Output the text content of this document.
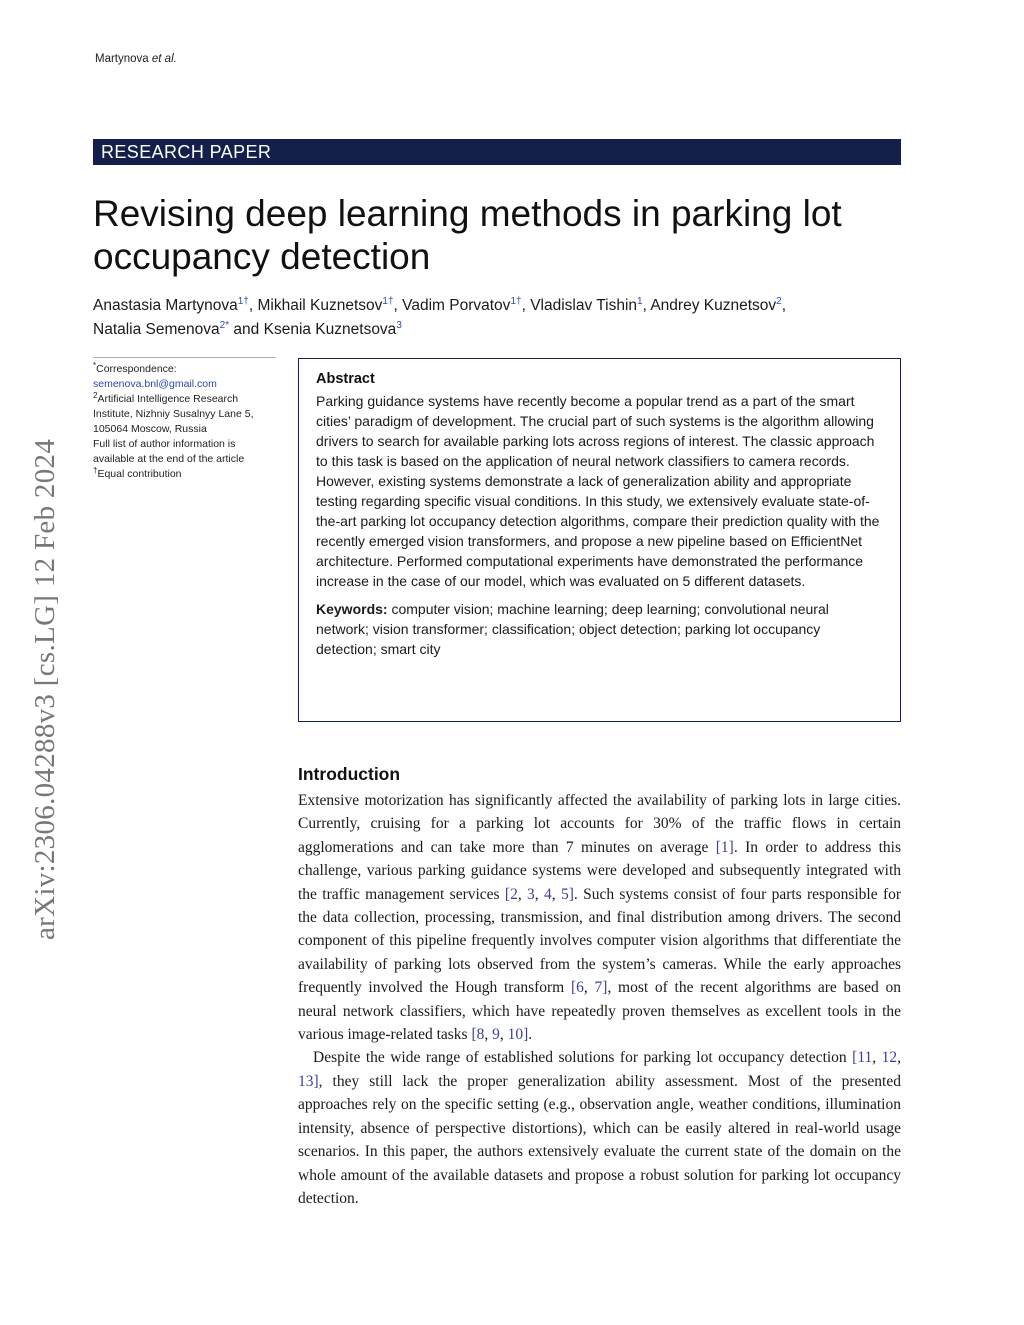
Martynova et al.
RESEARCH PAPER
Revising deep learning methods in parking lot
occupancy detection
Anastasia Martynova$^{1\dagger}$, Mikhail Kuznetsov$^{1\dagger}$, Vadim Porvatov$^{1\dagger}$, Vladislav Tishin$^1$, Andrey Kuznetsov$^2$,
Natalia Semenova$^{2*}$ and Ksenia Kuznetsova$^3$
*Correspondence:
semenova.bnl@gmail.com
$^2$Artificial Intelligence Research Institute, Nizhniy Susalnyy Lane 5, 105064 Moscow, Russia
Full list of author information is available at the end of the article
†Equal contribution
arXiv:2306.04288v3 [cs.LG] 12 Feb 2024
Abstract

Parking guidance systems have recently become a popular trend as a part of the smart cities’ paradigm of development. The crucial part of such systems is the algorithm allowing drivers to search for available parking lots across regions of interest. The classic approach to this task is based on the application of neural network classifiers to camera records. However, existing systems demonstrate a lack of generalization ability and appropriate testing regarding specific visual conditions. In this study, we extensively evaluate state-of-the-art parking lot occupancy detection algorithms, compare their prediction quality with the recently emerged vision transformers, and propose a new pipeline based on EfficientNet architecture. Performed computational experiments have demonstrated the performance increase in the case of our model, which was evaluated on 5 different datasets.

Keywords: computer vision; machine learning; deep learning; convolutional neural network; vision transformer; classification; object detection; parking lot occupancy detection; smart city

Introduction

Extensive motorization has significantly affected the availability of parking lots in large cities. Currently, cruising for a parking lot accounts for 30% of the traffic flows in certain agglomerations and can take more than 7 minutes on average [1]. In order to address this challenge, various parking guidance systems were developed and subsequently integrated with the traffic management services [2, 3, 4, 5]. Such systems consist of four parts responsible for the data collection, processing, transmission, and final distribution among drivers. The second component of this pipeline frequently involves computer vision algorithms that differentiate the availability of parking lots observed from the system’s cameras. While the early approaches frequently involved the Hough transform [6, 7], most of the recent algorithms are based on neural network classifiers, which have repeatedly proven themselves as excellent tools in the various image-related tasks [8, 9, 10].

Despite the wide range of established solutions for parking lot occupancy detection [11, 12, 13], they still lack the proper generalization ability assessment. Most of the presented approaches rely on the specific setting (e.g., observation angle, weather conditions, illumination intensity, absence of perspective distortions), which can be easily altered in real-world usage scenarios. In this paper, the authors extensively evaluate the current state of the domain on the whole amount of the available datasets and propose a robust solution for parking lot occupancy detection.
